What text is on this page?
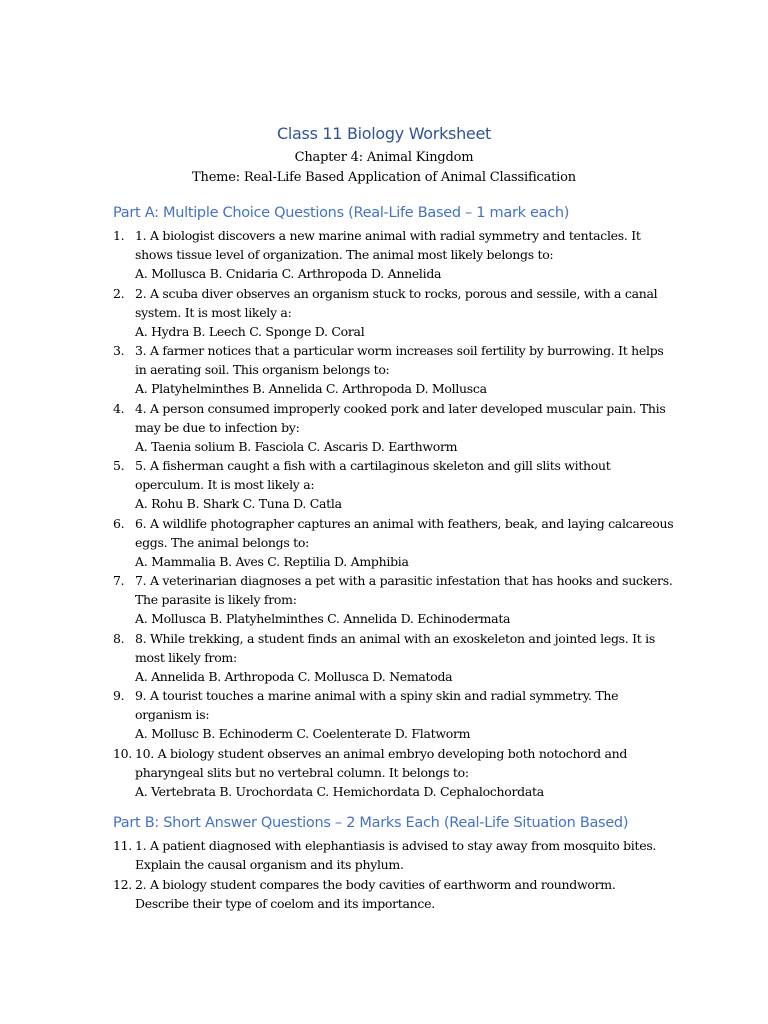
Class 11 Biology Worksheet
Chapter 4: Animal Kingdom
Theme: Real-Life Based Application of Animal Classification
Part A: Multiple Choice Questions (Real-Life Based – 1 mark each)
1. 1. A biologist discovers a new marine animal with radial symmetry and tentacles. It
shows tissue level of organization. The animal most likely belongs to:
A. Mollusca B. Cnidaria C. Arthropoda D. Annelida
2. 2. A scuba diver observes an organism stuck to rocks, porous and sessile, with a canal
system. It is most likely a:
A. Hydra B. Leech C. Sponge D. Coral
3. 3. A farmer notices that a particular worm increases soil fertility by burrowing. It helps
in aerating soil. This organism belongs to:
A. Platyhelminthes B. Annelida C. Arthropoda D. Mollusca
4. 4. A person consumed improperly cooked pork and later developed muscular pain. This
may be due to infection by:
A. Taenia solium B. Fasciola C. Ascaris D. Earthworm
5. 5. A fisherman caught a fish with a cartilaginous skeleton and gill slits without
operculum. It is most likely a:
A. Rohu B. Shark C. Tuna D. Catla
6. 6. A wildlife photographer captures an animal with feathers, beak, and laying calcareous
eggs. The animal belongs to:
A. Mammalia B. Aves C. Reptilia D. Amphibia
7. 7. A veterinarian diagnoses a pet with a parasitic infestation that has hooks and suckers.
The parasite is likely from:
A. Mollusca B. Platyhelminthes C. Annelida D. Echinodermata
8. 8. While trekking, a student finds an animal with an exoskeleton and jointed legs. It is
most likely from:
A. Annelida B. Arthropoda C. Mollusca D. Nematoda
9. 9. A tourist touches a marine animal with a spiny skin and radial symmetry. The
organism is:
A. Mollusc B. Echinoderm C. Coelenterate D. Flatworm
10. 10. A biology student observes an animal embryo developing both notochord and
pharyngeal slits but no vertebral column. It belongs to:
A. Vertebrata B. Urochordata C. Hemichordata D. Cephalochordata
Part B: Short Answer Questions – 2 Marks Each (Real-Life Situation Based)
11. 1. A patient diagnosed with elephantiasis is advised to stay away from mosquito bites.
Explain the causal organism and its phylum.
12. 2. A biology student compares the body cavities of earthworm and roundworm.
Describe their type of coelom and its importance.
